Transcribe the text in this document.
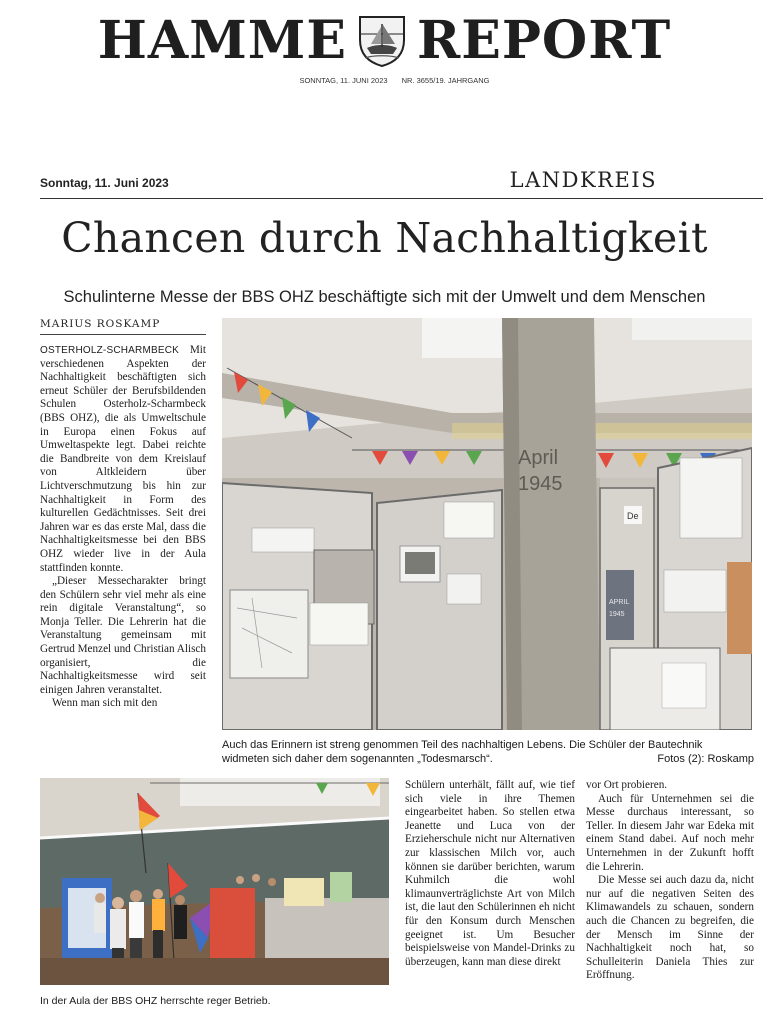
HAMME REPORT
SONNTAG, 11. JUNI 2023 NR. 3655/19. JAHRGANG
Sonntag, 11. Juni 2023	LANDKREIS
Chancen durch Nachhaltigkeit
Schulinterne Messe der BBS OHZ beschäftigte sich mit der Umwelt und dem Menschen
MARIUS ROSKAMP

OSTERHOLZ-SCHARMBECK Mit verschiedenen Aspekten der Nachhaltigkeit beschäftigten sich erneut Schüler der Berufsbildenden Schulen Osterholz-Scharmbeck (BBS OHZ), die als Umweltschule in Europa einen Fokus auf Umweltaspekte legt. Dabei reichte die Bandbreite von dem Kreislauf von Altkleidern über Lichtverschmutzung bis hin zur Nachhaltigkeit in Form des kulturellen Gedächtnisses. Seit drei Jahren war es das erste Mal, dass die Nachhaltigkeitsmesse bei den BBS OHZ wieder live in der Aula stattfinden konnte.

„Dieser Messecharakter bringt den Schülern sehr viel mehr als eine rein digitale Veranstaltung“, so Monja Teller. Die Lehrerin hat die Veranstaltung gemeinsam mit Gertrud Menzel und Christian Alisch organisiert, die Nachhaltigkeitsmesse wird seit einigen Jahren veranstaltet.

Wenn man sich mit den

April
1945
De
APRIL
1945
Auch das Erinnern ist streng genommen Teil des nachhaltigen Lebens. Die Schüler der Bautechnik
widmeten sich daher dem sogenannten „Todesmarsch“.	Fotos (2): Roskamp
In der Aula der BBS OHZ herrschte reger Betrieb.

Schülern unterhält, fällt auf, wie tief sich viele in ihre Themen eingearbeitet haben. So stellen etwa Jeanette und Luca von der Erzieherschule nicht nur Alternativen zur klassischen Milch vor, auch können sie darüber berichten, warum Kuhmilch die wohl klimaunverträglichste Art von Milch ist, die laut den Schülerinnen eh nicht für den Konsum durch Menschen geeignet ist. Um Besucher beispielsweise von Mandel-Drinks zu überzeugen, kann man diese direkt

vor Ort probieren.

Auch für Unternehmen sei die Messe durchaus interessant, so Teller. In diesem Jahr war Edeka mit einem Stand dabei. Auf noch mehr Unternehmen in der Zukunft hofft die Lehrerin.

Die Messe sei auch dazu da, nicht nur auf die negativen Seiten des Klimawandels zu schauen, sondern auch die Chancen zu begreifen, die der Mensch im Sinne der Nachhaltigkeit noch hat, so Schulleiterin Daniela Thies zur Eröffnung.
